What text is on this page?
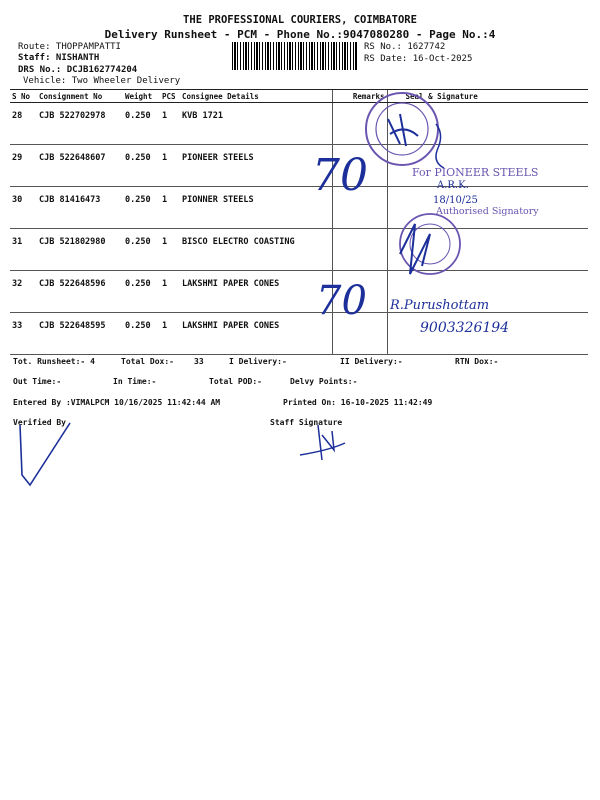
THE PROFESSIONAL COURIERS, COIMBATORE
Delivery Runsheet - PCM - Phone No.:9047080280 - Page No.:4
Route: THOPPAMPATTI
Staff: NISHANTH
DRS No.: DCJB162774204
Vehicle: Two Wheeler Delivery
RS No.: 1627742
RS Date: 16-Oct-2025
S No	Consignment No	Weight	PCS	Consignee Details	Remarks	Seal & Signature
28	CJB 522702978	0.250	1	KVB 1721		
29	CJB 522648607	0.250	1	PIONEER STEELS		
30	CJB 81416473	0.250	1	PIONNER STEELS		
31	CJB 521802980	0.250	1	BISCO ELECTRO COASTING		
32	CJB 522648596	0.250	1	LAKSHMI PAPER CONES		
33	CJB 522648595	0.250	1	LAKSHMI PAPER CONES		
For PIONEER STEELS
A.R.K.
18/10/25
Authorised Signatory
70
70 R.Purushottam
9003326194
Tot. Runsheet:- 4	Total Dox:-	33	I Delivery:-	II Delivery:-	RTN Dox:-
Out Time:-	In Time:-	Total POD:-	Delvy Points:-
Entered By :VIMALPCM 10/16/2025 11:42:44 AM	Printed On: 16-10-2025 11:42:49
Verified By	Staff Signature
